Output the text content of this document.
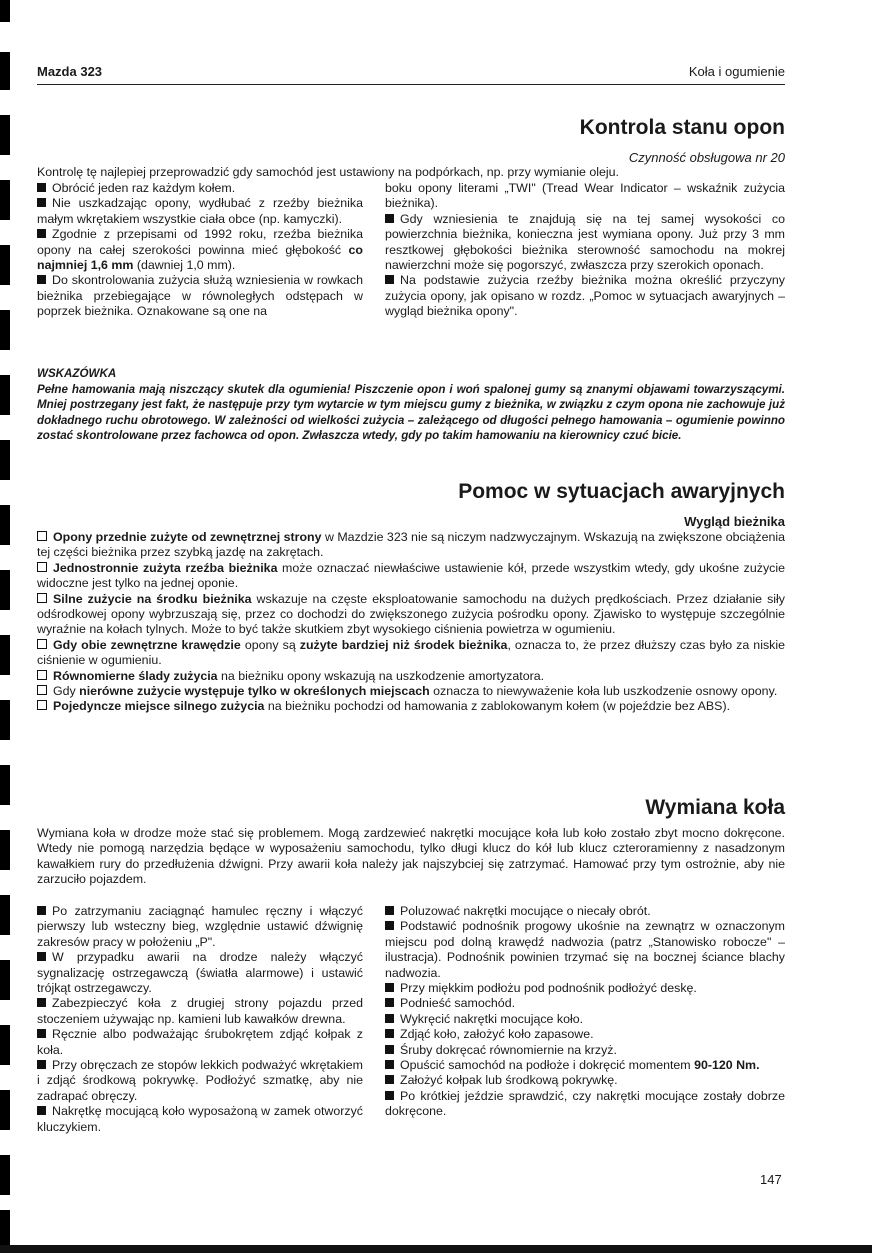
Mazda 323	Koła i ogumienie
Kontrola stanu opon
Czynność obsługowa nr 20
Kontrolę tę najlepiej przeprowadzić gdy samochód jest ustawiony na podpórkach, np. przy wymianie oleju.

Obrócić jeden raz każdym kołem.

Nie uszkadzając opony, wydłubać z rzeźby bieżnika małym wkrętakiem wszystkie ciała obce (np. kamyczki).

Zgodnie z przepisami od 1992 roku, rzeźba bieżnika opony na całej szerokości powinna mieć głębokość co najmniej 1,6 mm (dawniej 1,0 mm).

Do skontrolowania zużycia służą wzniesienia w rowkach bieżnika przebiegające w równoległych odstępach w poprzek bieżnika. Oznakowane są one na

boku opony literami „TWI" (Tread Wear Indicator – wskaźnik zużycia bieżnika).

Gdy wzniesienia te znajdują się na tej samej wysokości co powierzchnia bieżnika, konieczna jest wymiana opony. Już przy 3 mm resztkowej głębokości bieżnika sterowność samochodu na mokrej nawierzchni może się pogorszyć, zwłaszcza przy szerokich oponach.

Na podstawie zużycia rzeźby bieżnika można określić przyczyny zużycia opony, jak opisano w rozdz. „Pomoc w sytuacjach awaryjnych – wygląd bieżnika opony".

WSKAZÓWKA
Pełne hamowania mają niszczący skutek dla ogumienia! Piszczenie opon i woń spalonej gumy są znanymi objawami towarzyszącymi. Mniej postrzegany jest fakt, że następuje przy tym wytarcie w tym miejscu gumy z bieżnika, w związku z czym opona nie zachowuje już dokładnego ruchu obrotowego. W zależności od wielkości zużycia – zależącego od długości pełnego hamowania – ogumienie powinno zostać skontrolowane przez fachowca od opon. Zwłaszcza wtedy, gdy po takim hamowaniu na kierownicy czuć bicie.
Pomoc w sytuacjach awaryjnych
Wygląd bieżnika

Opony przednie zużyte od zewnętrznej strony w Mazdzie 323 nie są niczym nadzwyczajnym. Wskazują na zwiększone obciążenia tej części bieżnika przez szybką jazdę na zakrętach.

Jednostronnie zużyta rzeźba bieżnika może oznaczać niewłaściwe ustawienie kół, przede wszystkim wtedy, gdy ukośne zużycie widoczne jest tylko na jednej oponie.

Silne zużycie na środku bieżnika wskazuje na częste eksploatowanie samochodu na dużych prędkościach. Przez działanie siły odśrodkowej opony wybrzuszają się, przez co dochodzi do zwiększonego zużycia pośrodku opony. Zjawisko to występuje szczególnie wyraźnie na kołach tylnych. Może to być także skutkiem zbyt wysokiego ciśnienia powietrza w ogumieniu.

Gdy obie zewnętrzne krawędzie opony są zużyte bardziej niż środek bieżnika, oznacza to, że przez dłuższy czas było za niskie ciśnienie w ogumieniu.

Równomierne ślady zużycia na bieżniku opony wskazują na uszkodzenie amortyzatora.

Gdy nierówne zużycie występuje tylko w określonych miejscach oznacza to niewyważenie koła lub uszkodzenie osnowy opony.

Pojedyncze miejsce silnego zużycia na bieżniku pochodzi od hamowania z zablokowanym kołem (w pojeździe bez ABS).

Wymiana koła
Wymiana koła w drodze może stać się problemem. Mogą zardzewieć nakrętki mocujące koła lub koło zostało zbyt mocno dokręcone. Wtedy nie pomogą narzędzia będące w wyposażeniu samochodu, tylko długi klucz do kół lub klucz czteroramienny z nasadzonym kawałkiem rury do przedłużenia dźwigni. Przy awarii koła należy jak najszybciej się zatrzymać. Hamować przy tym ostrożnie, aby nie zarzuciło pojazdem.

Po zatrzymaniu zaciągnąć hamulec ręczny i włączyć pierwszy lub wsteczny bieg, względnie ustawić dźwignię zakresów pracy w położeniu „P".

W przypadku awarii na drodze należy włączyć sygnalizację ostrzegawczą (światła alarmowe) i ustawić trójkąt ostrzegawczy.

Zabezpieczyć koła z drugiej strony pojazdu przed stoczeniem używając np. kamieni lub kawałków drewna.

Ręcznie albo podważając śrubokrętem zdjąć kołpak z koła.

Przy obręczach ze stopów lekkich podważyć wkrętakiem i zdjąć środkową pokrywkę. Podłożyć szmatkę, aby nie zadrapać obręczy.

Nakrętkę mocującą koło wyposażoną w zamek otworzyć kluczykiem.

Poluzować nakrętki mocujące o niecały obrót.

Podstawić podnośnik progowy ukośnie na zewnątrz w oznaczonym miejscu pod dolną krawędź nadwozia (patrz „Stanowisko robocze" – ilustracja). Podnośnik powinien trzymać się na bocznej ściance blachy nadwozia.

Przy miękkim podłożu pod podnośnik podłożyć deskę.

Podnieść samochód.

Wykręcić nakrętki mocujące koło.

Zdjąć koło, założyć koło zapasowe.

Śruby dokręcać równomiernie na krzyż.

Opuścić samochód na podłoże i dokręcić momentem 90-120 Nm.

Założyć kołpak lub środkową pokrywkę.

Po krótkiej jeździe sprawdzić, czy nakrętki mocujące zostały dobrze dokręcone.

147
